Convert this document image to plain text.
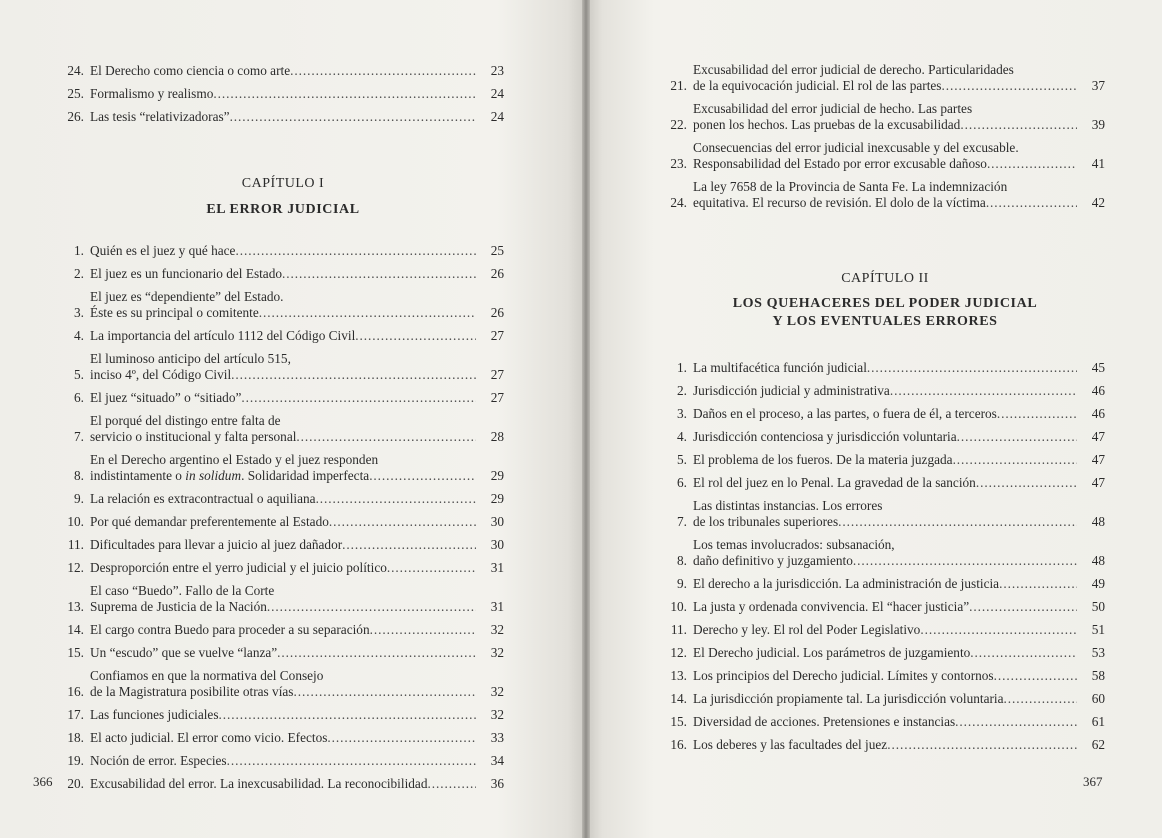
24. El Derecho como ciencia o como arte . . .	23
25. Formalismo y realismo . . .	24
26. Las tesis “relativizadoras” . . .	24
CAPÍTULO I
EL ERROR JUDICIAL
1. Quién es el juez y qué hace . . .	25
2. El juez es un funcionario del Estado . . .	26
3.
El juez es “dependiente” del Estado.
Éste es su principal o comitente . . .	26
4. La importancia del artículo 1112 del Código Civil . . .	27
5.
El luminoso anticipo del artículo 515,
inciso 4º, del Código Civil . . .	27
6. El juez “situado” o “sitiado” . . .	27
7.
El porqué del distingo entre falta de
servicio o institucional y falta personal . . .	28
8.
En el Derecho argentino el Estado y el juez responden
indistintamente o in solidum. Solidaridad imperfecta . . .	29
9. La relación es extracontractual o aquiliana . . .	29
10. Por qué demandar preferentemente al Estado . . .	30
11. Dificultades para llevar a juicio al juez dañador . . .	30
12. Desproporción entre el yerro judicial y el juicio político . . .	31
13.
El caso “Buedo”. Fallo de la Corte
Suprema de Justicia de la Nación . . .	31
14. El cargo contra Buedo para proceder a su separación . . .	32
15. Un “escudo” que se vuelve “lanza” . . .	32
16.
Confiamos en que la normativa del Consejo
de la Magistratura posibilite otras vías . . .	32
17. Las funciones judiciales . . .	32
18. El acto judicial. El error como vicio. Efectos . . .	33
19. Noción de error. Especies . . .	34
20. Excusabilidad del error. La inexcusabilidad. La reconocibilidad . . .	36
21.
Excusabilidad del error judicial de derecho. Particularidades
de la equivocación judicial. El rol de las partes . . .	37
22.
Excusabilidad del error judicial de hecho. Las partes
ponen los hechos. Las pruebas de la excusabilidad . . .	39
23.
Consecuencias del error judicial inexcusable y del excusable.
Responsabilidad del Estado por error excusable dañoso . . .	41
24.
La ley 7658 de la Provincia de Santa Fe. La indemnización
equitativa. El recurso de revisión. El dolo de la víctima . . .	42
CAPÍTULO II
LOS QUEHACERES DEL PODER JUDICIAL
Y LOS EVENTUALES ERRORES
1. La multifacética función judicial . . .	45
2. Jurisdicción judicial y administrativa . . .	46
3. Daños en el proceso, a las partes, o fuera de él, a terceros . . .	46
4. Jurisdicción contenciosa y jurisdicción voluntaria . . .	47
5. El problema de los fueros. De la materia juzgada . . .	47
6. El rol del juez en lo Penal. La gravedad de la sanción . . .	47
7.
Las distintas instancias. Los errores
de los tribunales superiores . . .	48
8.
Los temas involucrados: subsanación,
daño definitivo y juzgamiento . . .	48
9. El derecho a la jurisdicción. La administración de justicia . . .	49
10. La justa y ordenada convivencia. El “hacer justicia” . . .	50
11. Derecho y ley. El rol del Poder Legislativo . . .	51
12. El Derecho judicial. Los parámetros de juzgamiento . . .	53
13. Los principios del Derecho judicial. Límites y contornos . . .	58
14. La jurisdicción propiamente tal. La jurisdicción voluntaria . . .	60
15. Diversidad de acciones. Pretensiones e instancias . . .	61
16. Los deberes y las facultades del juez . . .	62
366	367
